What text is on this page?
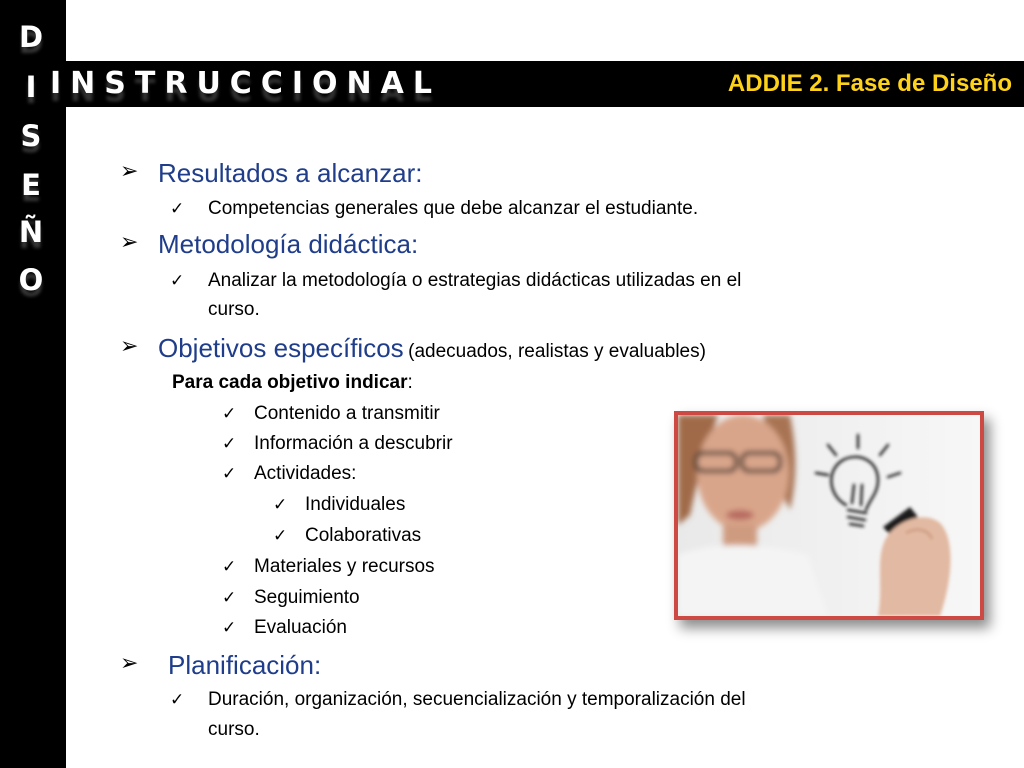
D
I
S
E
Ñ
O
INSTRUCCIONAL	ADDIE 2. Fase de Diseño
➢ Resultados a alcanzar:
✓ Competencias generales que debe alcanzar el estudiante.
➢ Metodología didáctica:
✓ Analizar la metodología o estrategias didácticas utilizadas en el
curso.
➢ Objetivos específicos (adecuados, realistas y evaluables)
Para cada objetivo indicar:
✓ Contenido a transmitir
✓ Información a descubrir
✓ Actividades:
✓ Individuales
✓ Colaborativas
✓ Materiales y recursos
✓ Seguimiento
✓ Evaluación
➢ Planificación:
✓ Duración, organización, secuencialización y temporalización del
curso.
